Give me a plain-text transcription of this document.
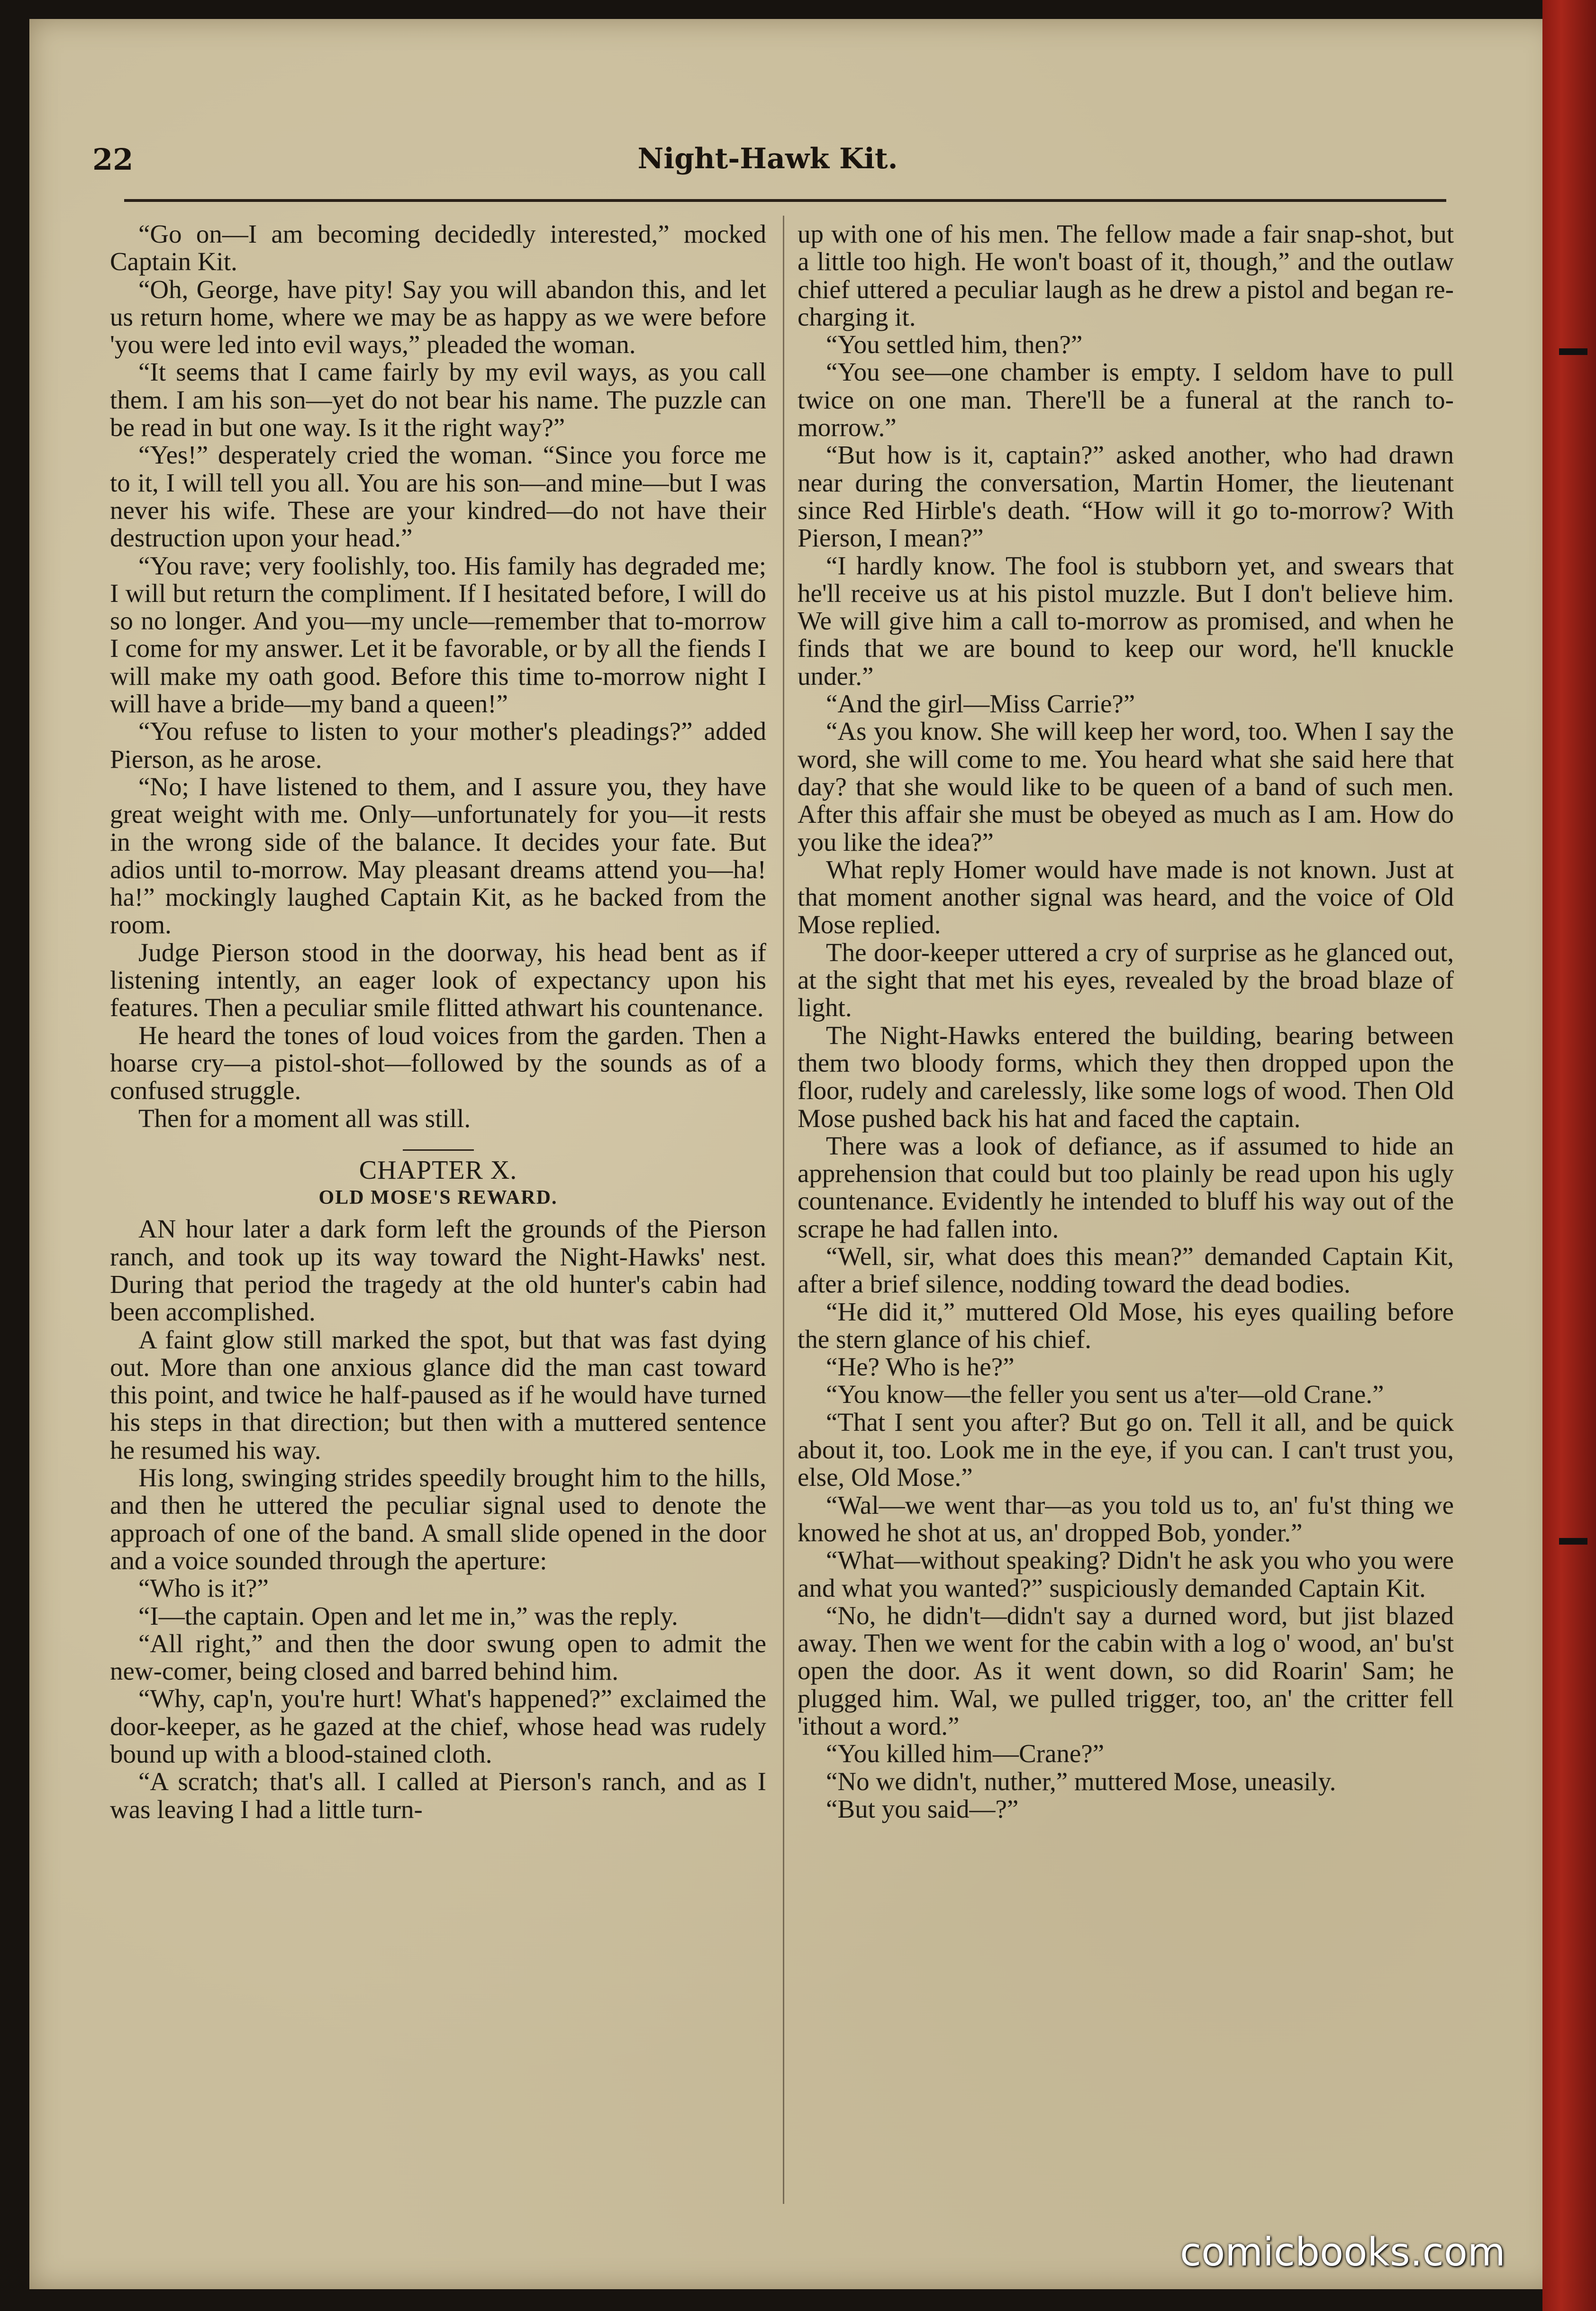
22	Night-Hawk Kit.

“Go on—I am becoming decidedly interested,” mocked Captain Kit.

“Oh, George, have pity! Say you will abandon this, and let us return home, where we may be as happy as we were before 'you were led into evil ways,” pleaded the woman.

“It seems that I came fairly by my evil ways, as you call them. I am his son—yet do not bear his name. The puzzle can be read in but one way. Is it the right way?”

“Yes!” desperately cried the woman. “Since you force me to it, I will tell you all. You are his son—and mine—but I was never his wife. These are your kindred—do not have their destruction upon your head.”

“You rave; very foolishly, too. His family has degraded me; I will but return the compliment. If I hesitated before, I will do so no longer. And you—my uncle—remember that to-morrow I come for my answer. Let it be favorable, or by all the fiends I will make my oath good. Before this time to-morrow night I will have a bride—my band a queen!”

“You refuse to listen to your mother's pleadings?” added Pierson, as he arose.

“No; I have listened to them, and I assure you, they have great weight with me. Only—unfortunately for you—it rests in the wrong side of the balance. It decides your fate. But adios until to-morrow. May pleasant dreams attend you—ha! ha!” mockingly laughed Captain Kit, as he backed from the room.

Judge Pierson stood in the doorway, his head bent as if listening intently, an eager look of expectancy upon his features. Then a peculiar smile flitted athwart his countenance.

He heard the tones of loud voices from the garden. Then a hoarse cry—a pistol-shot—followed by the sounds as of a confused struggle.

Then for a moment all was still.

CHAPTER X.

OLD MOSE'S REWARD.

AN hour later a dark form left the grounds of the Pierson ranch, and took up its way toward the Night-Hawks' nest. During that period the tragedy at the old hunter's cabin had been accomplished.

A faint glow still marked the spot, but that was fast dying out. More than one anxious glance did the man cast toward this point, and twice he half-paused as if he would have turned his steps in that direction; but then with a muttered sentence he resumed his way.

His long, swinging strides speedily brought him to the hills, and then he uttered the peculiar signal used to denote the approach of one of the band. A small slide opened in the door and a voice sounded through the aperture:

“Who is it?”

“I—the captain. Open and let me in,” was the reply.

“All right,” and then the door swung open to admit the new-comer, being closed and barred behind him.

“Why, cap'n, you're hurt! What's happened?” exclaimed the door-keeper, as he gazed at the chief, whose head was rudely bound up with a blood-stained cloth.

“A scratch; that's all. I called at Pierson's ranch, and as I was leaving I had a little turn-

up with one of his men. The fellow made a fair snap-shot, but a little too high. He won't boast of it, though,” and the outlaw chief uttered a peculiar laugh as he drew a pistol and began re-charging it.

“You settled him, then?”

“You see—one chamber is empty. I seldom have to pull twice on one man. There'll be a funeral at the ranch to-morrow.”

“But how is it, captain?” asked another, who had drawn near during the conversation, Martin Homer, the lieutenant since Red Hirble's death. “How will it go to-morrow? With Pierson, I mean?”

“I hardly know. The fool is stubborn yet, and swears that he'll receive us at his pistol muzzle. But I don't believe him. We will give him a call to-morrow as promised, and when he finds that we are bound to keep our word, he'll knuckle under.”

“And the girl—Miss Carrie?”

“As you know. She will keep her word, too. When I say the word, she will come to me. You heard what she said here that day? that she would like to be queen of a band of such men. After this affair she must be obeyed as much as I am. How do you like the idea?”

What reply Homer would have made is not known. Just at that moment another signal was heard, and the voice of Old Mose replied.

The door-keeper uttered a cry of surprise as he glanced out, at the sight that met his eyes, revealed by the broad blaze of light.

The Night-Hawks entered the building, bearing between them two bloody forms, which they then dropped upon the floor, rudely and carelessly, like some logs of wood. Then Old Mose pushed back his hat and faced the captain.

There was a look of defiance, as if assumed to hide an apprehension that could but too plainly be read upon his ugly countenance. Evidently he intended to bluff his way out of the scrape he had fallen into.

“Well, sir, what does this mean?” demanded Captain Kit, after a brief silence, nodding toward the dead bodies.

“He did it,” muttered Old Mose, his eyes quailing before the stern glance of his chief.

“He? Who is he?”

“You know—the feller you sent us a'ter—old Crane.”

“That I sent you after? But go on. Tell it all, and be quick about it, too. Look me in the eye, if you can. I can't trust you, else, Old Mose.”

“Wal—we went thar—as you told us to, an' fu'st thing we knowed he shot at us, an' dropped Bob, yonder.”

“What—without speaking? Didn't he ask you who you were and what you wanted?” suspiciously demanded Captain Kit.

“No, he didn't—didn't say a durned word, but jist blazed away. Then we went for the cabin with a log o' wood, an' bu'st open the door. As it went down, so did Roarin' Sam; he plugged him. Wal, we pulled trigger, too, an' the critter fell 'ithout a word.”

“You killed him—Crane?”

“No we didn't, nuther,” muttered Mose, uneasily.

“But you said—?”

comicbooks.com
